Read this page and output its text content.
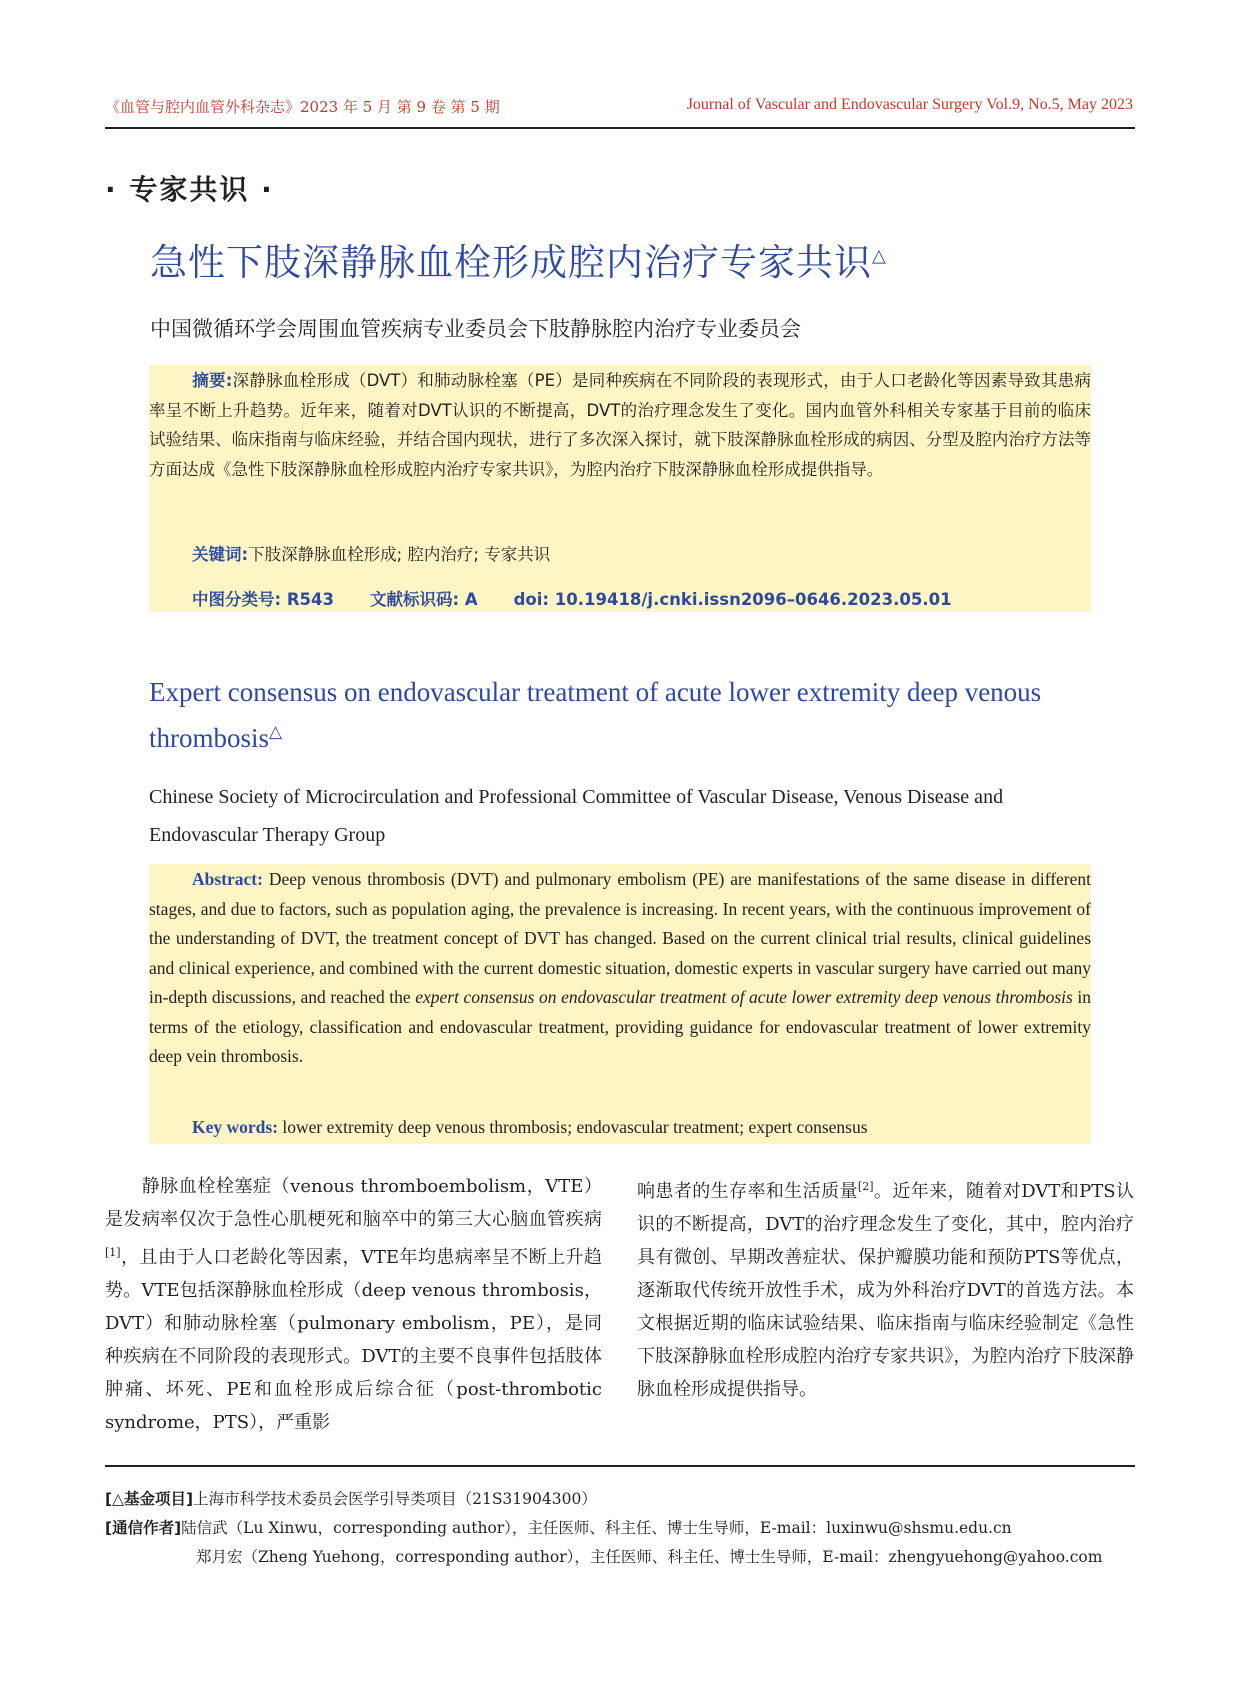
《血管与腔内血管外科杂志》2023 年 5 月 第 9 卷 第 5 期	Journal of Vascular and Endovascular Surgery Vol.9, No.5, May 2023
· 专家共识 ·
急性下肢深静脉血栓形成腔内治疗专家共识△
中国微循环学会周围血管疾病专业委员会下肢静脉腔内治疗专业委员会
摘要:深静脉血栓形成（DVT）和肺动脉栓塞（PE）是同种疾病在不同阶段的表现形式，由于人口老龄化等因素导致其患病率呈不断上升趋势。近年来，随着对DVT认识的不断提高，DVT的治疗理念发生了变化。国内血管外科相关专家基于目前的临床试验结果、临床指南与临床经验，并结合国内现状，进行了多次深入探讨，就下肢深静脉血栓形成的病因、分型及腔内治疗方法等方面达成《急性下肢深静脉血栓形成腔内治疗专家共识》，为腔内治疗下肢深静脉血栓形成提供指导。
关键词:下肢深静脉血栓形成; 腔内治疗; 专家共识
中图分类号: R543 文献标识码: A doi: 10.19418/j.cnki.issn2096–0646.2023.05.01
Expert consensus on endovascular treatment of acute lower extremity deep venous thrombosis△
Chinese Society of Microcirculation and Professional Committee of Vascular Disease, Venous Disease and Endovascular Therapy Group
Abstract: Deep venous thrombosis (DVT) and pulmonary embolism (PE) are manifestations of the same disease in different stages, and due to factors, such as population aging, the prevalence is increasing. In recent years, with the continuous improvement of the understanding of DVT, the treatment concept of DVT has changed. Based on the current clinical trial results, clinical guidelines and clinical experience, and combined with the current domestic situation, domestic experts in vascular surgery have carried out many in-depth discussions, and reached the expert consensus on endovascular treatment of acute lower extremity deep venous thrombosis in terms of the etiology, classification and endovascular treatment, providing guidance for endovascular treatment of lower extremity deep vein thrombosis.
Key words: lower extremity deep venous thrombosis; endovascular treatment; expert consensus
静脉血栓栓塞症（venous thromboembolism，VTE）是发病率仅次于急性心肌梗死和脑卒中的第三大心脑血管疾病[1]，且由于人口老龄化等因素，VTE年均患病率呈不断上升趋势。VTE包括深静脉血栓形成（deep venous thrombosis，DVT）和肺动脉栓塞（pulmonary embolism，PE），是同种疾病在不同阶段的表现形式。DVT的主要不良事件包括肢体肿痛、坏死、PE和血栓形成后综合征（post-thrombotic syndrome，PTS），严重影
响患者的生存率和生活质量[2]。近年来，随着对DVT和PTS认识的不断提高，DVT的治疗理念发生了变化，其中，腔内治疗具有微创、早期改善症状、保护瓣膜功能和预防PTS等优点，逐渐取代传统开放性手术，成为外科治疗DVT的首选方法。本文根据近期的临床试验结果、临床指南与临床经验制定《急性下肢深静脉血栓形成腔内治疗专家共识》，为腔内治疗下肢深静脉血栓形成提供指导。
[△基金项目]上海市科学技术委员会医学引导类项目（21S31904300）
[通信作者]陆信武（Lu Xinwu，corresponding author），主任医师、科主任、博士生导师，E-mail：luxinwu@shsmu.edu.cn
郑月宏（Zheng Yuehong，corresponding author），主任医师、科主任、博士生导师，E-mail：zhengyuehong@yahoo.com
